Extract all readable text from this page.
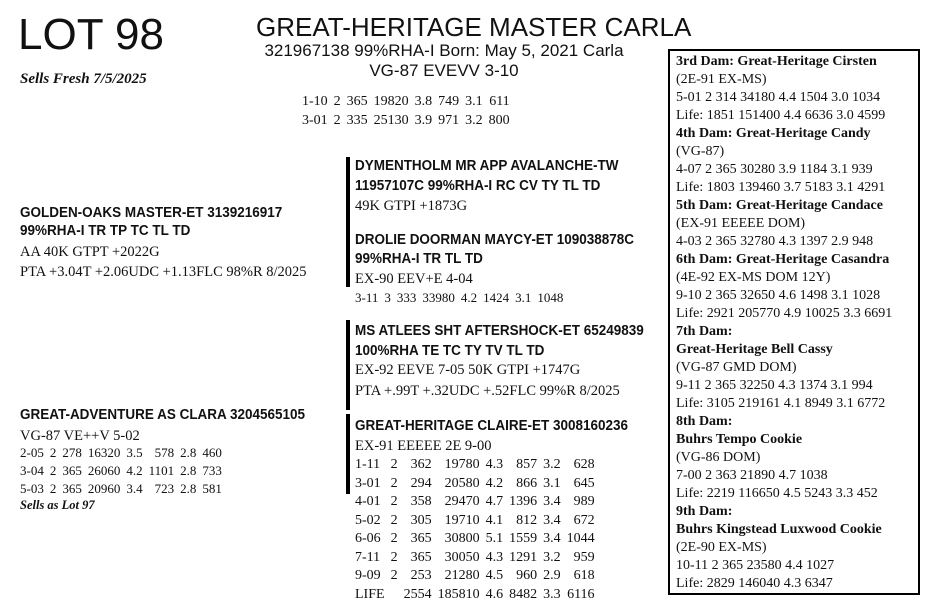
LOT 98
Sells Fresh 7/5/2025
GREAT-HERITAGE MASTER CARLA
321967138 99%RHA-I Born: May 5, 2021 Carla
VG-87 EVEVV 3-10
1-10	2	365	19820	3.8	749	3.1	611
3-01	2	335	25130	3.9	971	3.2	800
GOLDEN-OAKS MASTER-ET 3139216917
99%RHA-I TR TP TC TL TD
AA 40K GTPT +2022G
PTA +3.04T +2.06UDC +1.13FLC 98%R 8/2025
GREAT-ADVENTURE AS CLARA 3204565105
VG-87 VE++V 5-02
2-05	2	278	16320	3.5	578	2.8	460
3-04	2	365	26060	4.2	1101	2.8	733
5-03	2	365	20960	3.4	723	2.8	581
Sells as Lot 97
DYMENTHOLM MR APP AVALANCHE-TW
11957107C 99%RHA-I RC CV TY TL TD
49K GTPI +1873G
DROLIE DOORMAN MAYCY-ET 109038878C
99%RHA-I TR TL TD
EX-90 EEV+E 4-04
3-11	3	333	33980	4.2	1424	3.1	1048
MS ATLEES SHT AFTERSHOCK-ET 65249839
100%RHA TE TC TY TV TL TD
EX-92 EEVE 7-05 50K GTPI +1747G
PTA +.99T +.32UDC +.52FLC 99%R 8/2025
GREAT-HERITAGE CLAIRE-ET 3008160236
EX-91 EEEEE 2E 9-00
1-11	2	362	19780	4.3	857	3.2	628
3-01	2	294	20580	4.2	866	3.1	645
4-01	2	358	29470	4.7	1396	3.4	989
5-02	2	305	19710	4.1	812	3.4	672
6-06	2	365	30800	5.1	1559	3.4	1044
7-11	2	365	30050	4.3	1291	3.2	959
9-09	2	253	21280	4.5	960	2.9	618
LIFE		2554	185810	4.6	8482	3.3	6116
3rd Dam: Great-Heritage Cirsten
(2E-91 EX-MS)
5-01 2 314 34180 4.4 1504 3.0 1034
Life: 1851 151400 4.4 6636 3.0 4599
4th Dam: Great-Heritage Candy
(VG-87)
4-07 2 365 30280 3.9 1184 3.1 939
Life: 1803 139460 3.7 5183 3.1 4291
5th Dam: Great-Heritage Candace
(EX-91 EEEEE DOM)
4-03 2 365 32780 4.3 1397 2.9 948
6th Dam: Great-Heritage Casandra
(4E-92 EX-MS DOM 12Y)
9-10 2 365 32650 4.6 1498 3.1 1028
Life: 2921 205770 4.9 10025 3.3 6691
7th Dam:
Great-Heritage Bell Cassy
(VG-87 GMD DOM)
9-11 2 365 32250 4.3 1374 3.1 994
Life: 3105 219161 4.1 8949 3.1 6772
8th Dam:
Buhrs Tempo Cookie
(VG-86 DOM)
7-00 2 363 21890 4.7 1038
Life: 2219 116650 4.5 5243 3.3 452
9th Dam:
Buhrs Kingstead Luxwood Cookie
(2E-90 EX-MS)
10-11 2 365 23580 4.4 1027
Life: 2829 146040 4.3 6347
